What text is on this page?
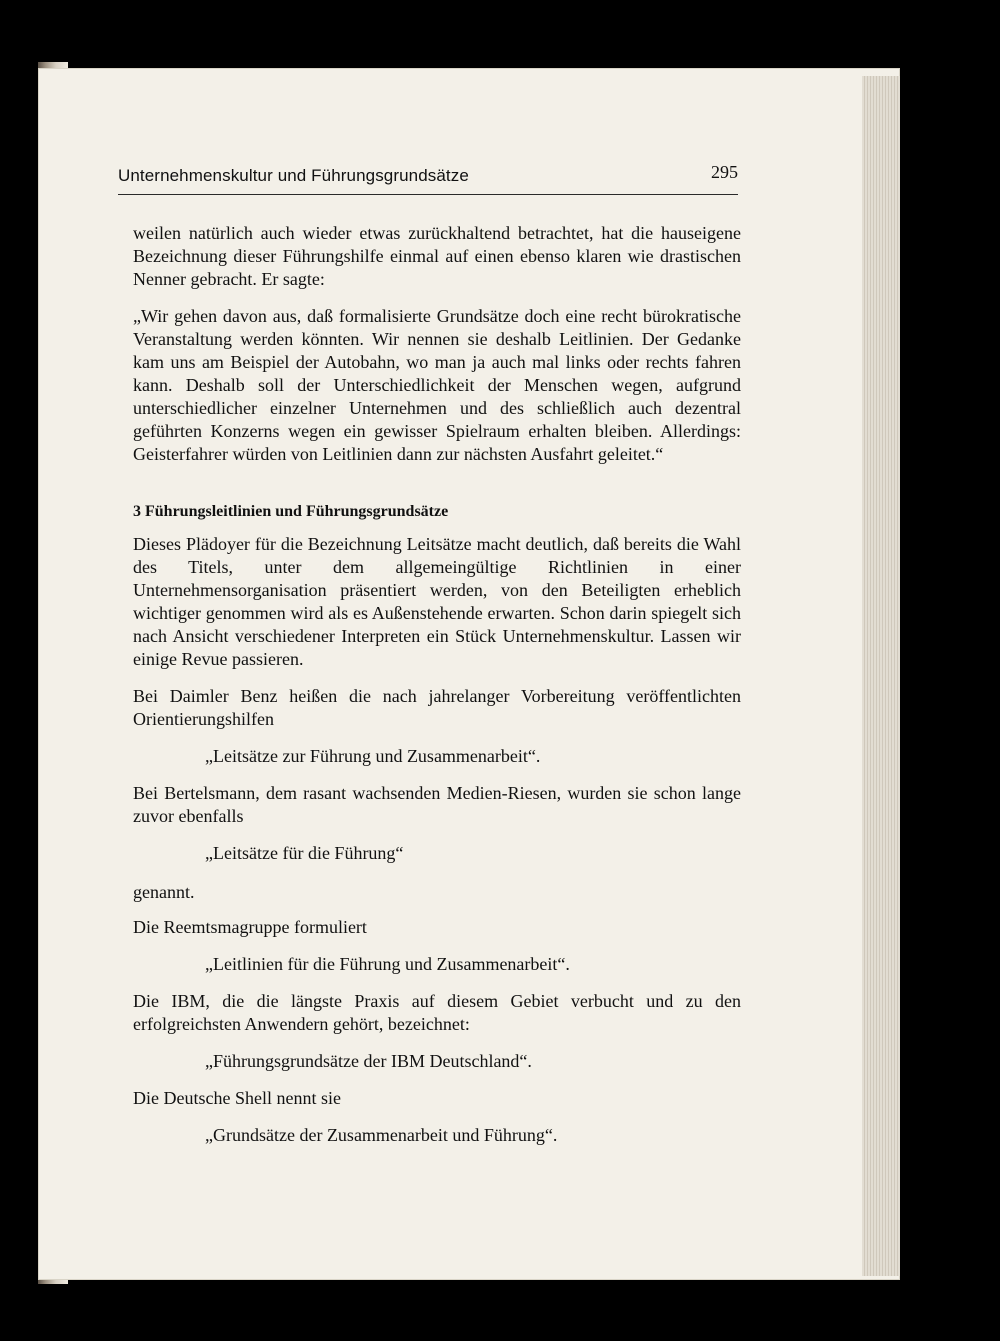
Unternehmenskultur und Führungsgrundsätze	295

weilen natürlich auch wieder etwas zurückhaltend betrachtet, hat die hauseigene Bezeichnung dieser Führungshilfe einmal auf einen ebenso klaren wie drastischen Nenner gebracht. Er sagte:

„Wir gehen davon aus, daß formalisierte Grundsätze doch eine recht bürokratische Veranstaltung werden könnten. Wir nennen sie deshalb Leitlinien. Der Gedanke kam uns am Beispiel der Autobahn, wo man ja auch mal links oder rechts fahren kann. Deshalb soll der Unterschiedlichkeit der Menschen wegen, aufgrund unterschiedlicher einzelner Unternehmen und des schließlich auch dezentral geführten Konzerns wegen ein gewisser Spielraum erhalten bleiben. Allerdings: Geisterfahrer würden von Leitlinien dann zur nächsten Ausfahrt geleitet.“

3 Führungsleitlinien und Führungsgrundsätze

Dieses Plädoyer für die Bezeichnung Leitsätze macht deutlich, daß bereits die Wahl des Titels, unter dem allgemeingültige Richtlinien in einer Unternehmensorganisation präsentiert werden, von den Beteiligten erheblich wichtiger genommen wird als es Außenstehende erwarten. Schon darin spiegelt sich nach Ansicht verschiedener Interpreten ein Stück Unternehmenskultur. Lassen wir einige Revue passieren.

Bei Daimler Benz heißen die nach jahrelanger Vorbereitung veröffentlichten Orientierungshilfen

„Leitsätze zur Führung und Zusammenarbeit“.

Bei Bertelsmann, dem rasant wachsenden Medien-Riesen, wurden sie schon lange zuvor ebenfalls

„Leitsätze für die Führung“

genannt.

Die Reemtsmagruppe formuliert

„Leitlinien für die Führung und Zusammenarbeit“.

Die IBM, die die längste Praxis auf diesem Gebiet verbucht und zu den erfolgreichsten Anwendern gehört, bezeichnet:

„Führungsgrundsätze der IBM Deutschland“.

Die Deutsche Shell nennt sie

„Grundsätze der Zusammenarbeit und Führung“.
